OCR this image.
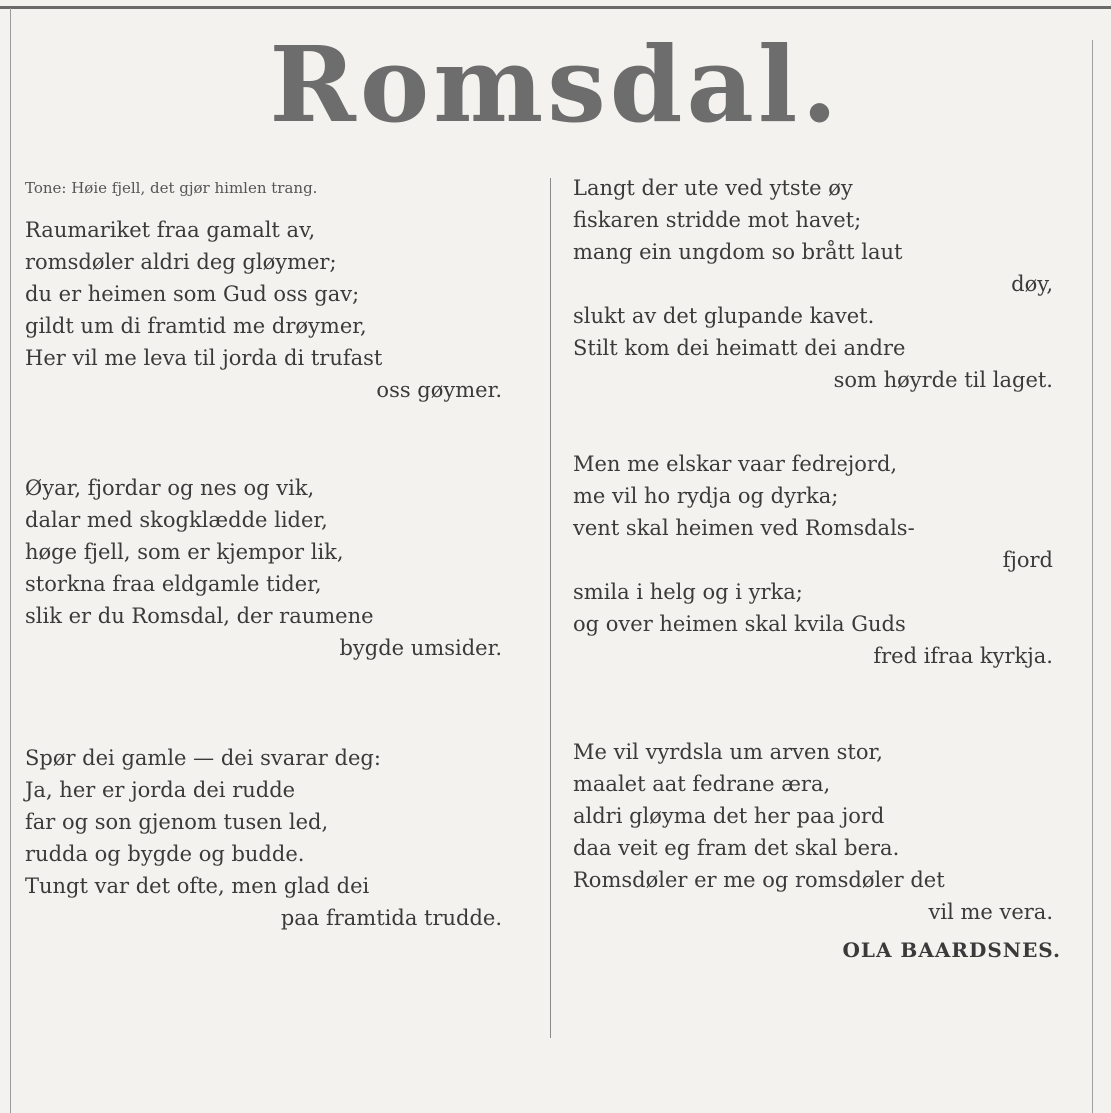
Romsdal.
Tone: Høie fjell, det gjør himlen trang.
Raumariket fraa gamalt av,
romsdøler aldri deg gløymer;
du er heimen som Gud oss gav;
gildt um di framtid me drøymer,
Her vil me leva til jorda di trufast
oss gøymer.
Øyar, fjordar og nes og vik,
dalar med skogklædde lider,
høge fjell, som er kjempor lik,
storkna fraa eldgamle tider,
slik er du Romsdal, der raumene
bygde umsider.
Spør dei gamle — dei svarar deg:
Ja, her er jorda dei rudde
far og son gjenom tusen led,
rudda og bygde og budde.
Tungt var det ofte, men glad dei
paa framtida trudde.
Langt der ute ved ytste øy
fiskaren stridde mot havet;
mang ein ungdom so brått laut
døy,
slukt av det glupande kavet.
Stilt kom dei heimatt dei andre
som høyrde til laget.
Men me elskar vaar fedrejord,
me vil ho rydja og dyrka;
vent skal heimen ved Romsdals-
fjord
smila i helg og i yrka;
og over heimen skal kvila Guds
fred ifraa kyrkja.
Me vil vyrdsla um arven stor,
maalet aat fedrane æra,
aldri gløyma det her paa jord
daa veit eg fram det skal bera.
Romsdøler er me og romsdøler det
vil me vera.
OLA BAARDSNES.
